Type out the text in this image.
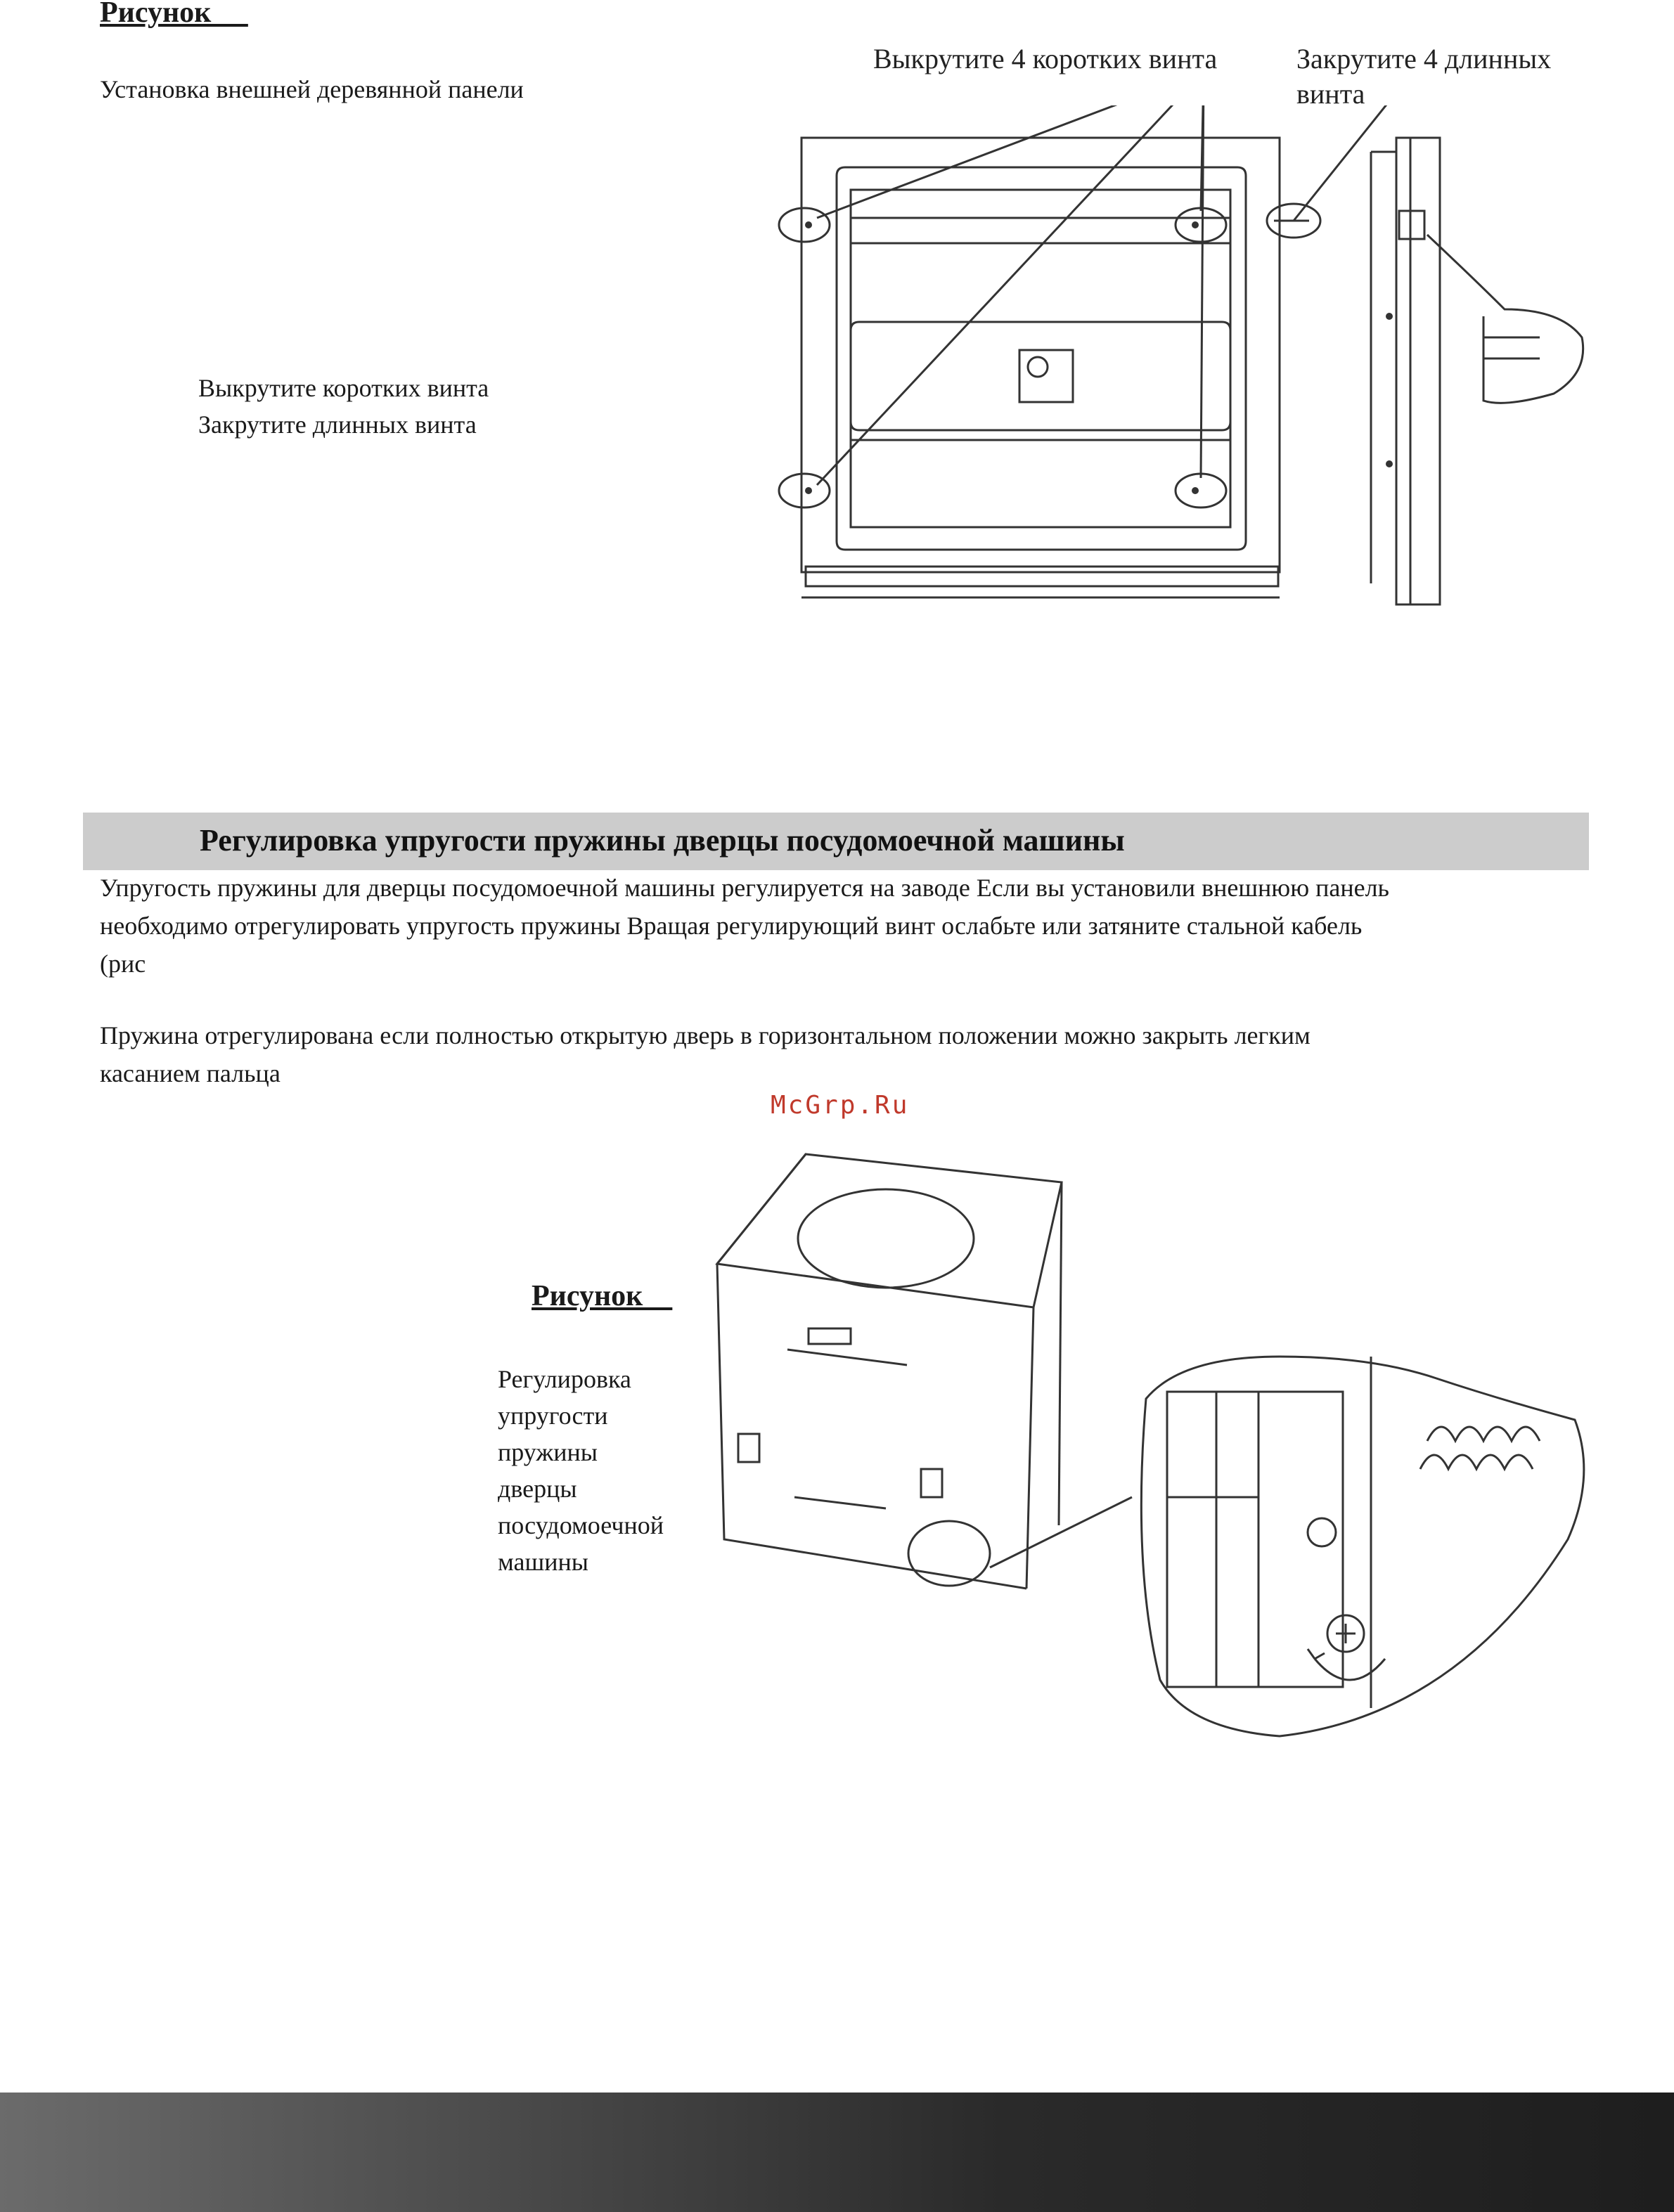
Рисунок
Установка внешней деревянной панели
Выкрутите коротких винта
Закрутите длинных винта
Выкрутите 4 коротких винта	Закрутите 4 длинных
винта
Регулировка упругости пружины дверцы посудомоечной машины
Упругость пружины для дверцы посудомоечной машины регулируется на заводе Если вы установили внешнюю панель
необходимо отрегулировать упругость пружины Вращая регулирующий винт ослабьте или затяните стальной кабель
(рис
Пружина отрегулирована если полностью открытую дверь в горизонтальном положении можно закрыть легким
касанием пальца
McGrp.Ru
Рисунок
Регулировка
упругости
пружины
дверцы
посудомоечной
машины
